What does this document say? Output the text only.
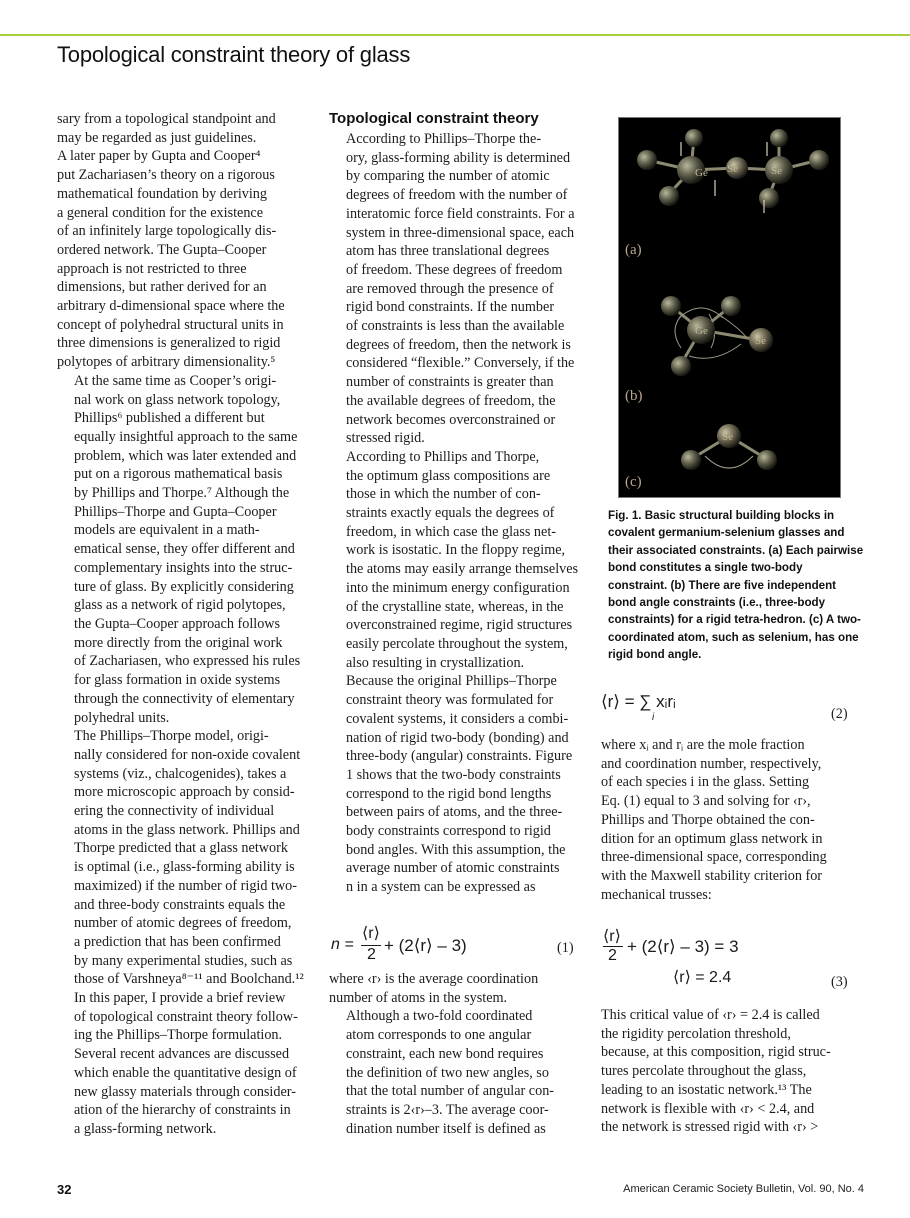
Topological constraint theory of glass

sary from a topological standpoint and
may be regarded as just guidelines.
A later paper by Gupta and Cooper⁴
put Zachariasen’s theory on a rigorous
mathematical foundation by deriving
a general condition for the existence
of an infinitely large topologically dis-
ordered network. The Gupta–Cooper
approach is not restricted to three
dimensions, but rather derived for an
arbitrary d-dimensional space where the
concept of polyhedral structural units in
three dimensions is generalized to rigid
polytopes of arbitrary dimensionality.⁵

At the same time as Cooper’s origi-
nal work on glass network topology,
Phillips⁶ published a different but
equally insightful approach to the same
problem, which was later extended and
put on a rigorous mathematical basis
by Phillips and Thorpe.⁷ Although the
Phillips–Thorpe and Gupta–Cooper
models are equivalent in a math-
ematical sense, they offer different and
complementary insights into the struc-
ture of glass. By explicitly considering
glass as a network of rigid polytopes,
the Gupta–Cooper approach follows
more directly from the original work
of Zachariasen, who expressed his rules
for glass formation in oxide systems
through the connectivity of elementary
polyhedral units.

The Phillips–Thorpe model, origi-
nally considered for non-oxide covalent
systems (viz., chalcogenides), takes a
more microscopic approach by consid-
ering the connectivity of individual
atoms in the glass network. Phillips and
Thorpe predicted that a glass network
is optimal (i.e., glass-forming ability is
maximized) if the number of rigid two-
and three-body constraints equals the
number of atomic degrees of freedom,
a prediction that has been confirmed
by many experimental studies, such as
those of Varshneya⁸⁻¹¹ and Boolchand.¹²

In this paper, I provide a brief review
of topological constraint theory follow-
ing the Phillips–Thorpe formulation.
Several recent advances are discussed
which enable the quantitative design of
new glassy materials through consider-
ation of the hierarchy of constraints in
a glass-forming network.

Topological constraint theory

According to Phillips–Thorpe the-
ory, glass-forming ability is determined
by comparing the number of atomic
degrees of freedom with the number of
interatomic force field constraints. For a
system in three-dimensional space, each
atom has three translational degrees
of freedom. These degrees of freedom
are removed through the presence of
rigid bond constraints. If the number
of constraints is less than the available
degrees of freedom, then the network is
considered “flexible.” Conversely, if the
number of constraints is greater than
the available degrees of freedom, the
network becomes overconstrained or
stressed rigid.

According to Phillips and Thorpe,
the optimum glass compositions are
those in which the number of con-
straints exactly equals the degrees of
freedom, in which case the glass net-
work is isostatic. In the floppy regime,
the atoms may easily arrange themselves
into the minimum energy configuration
of the crystalline state, whereas, in the
overconstrained regime, rigid structures
easily percolate throughout the system,
also resulting in crystallization.

Because the original Phillips–Thorpe
constraint theory was formulated for
covalent systems, it considers a combi-
nation of rigid two-body (bonding) and
three-body (angular) constraints. Figure
1 shows that the two-body constraints
correspond to the rigid bond lengths
between pairs of atoms, and the three-
body constraints correspond to rigid
bond angles. With this assumption, the
average number of atomic constraints
n in a system can be expressed as

n =
⟨r⟩
2 + (2⟨r⟩ – 3)	(1)

where ‹r› is the average coordination
number of atoms in the system.

Although a two-fold coordinated
atom corresponds to one angular
constraint, each new bond requires
the definition of two new angles, so
that the total number of angular con-
straints is 2‹r›–3. The average coor-
dination number itself is defined as

Ge Se	Se
Ge
Se
Se
(a)
(b)
(c)
Fig. 1. Basic structural building blocks in covalent germanium-selenium glasses and their associated constraints. (a) Each pairwise bond constitutes a single two-body constraint. (b) There are five independent bond angle constraints (i.e., three-body constraints) for a rigid tetra-hedron. (c) A two-coordinated atom, such as selenium, has one rigid bond angle.
⟨r⟩ = ∑ xᵢrᵢ
i	(2)

where xᵢ and rᵢ are the mole fraction
and coordination number, respectively,
of each species i in the glass. Setting
Eq. (1) equal to 3 and solving for ‹r›,
Phillips and Thorpe obtained the con-
dition for an optimum glass network in
three-dimensional space, corresponding
with the Maxwell stability criterion for
mechanical trusses:

⟨r⟩
2 + (2⟨r⟩ – 3) = 3
⟨r⟩ = 2.4	(3)

This critical value of ‹r› = 2.4 is called
the rigidity percolation threshold,
because, at this composition, rigid struc-
tures percolate throughout the glass,
leading to an isostatic network.¹³ The
network is flexible with ‹r› < 2.4, and
the network is stressed rigid with ‹r› >

32	American Ceramic Society Bulletin, Vol. 90, No. 4
